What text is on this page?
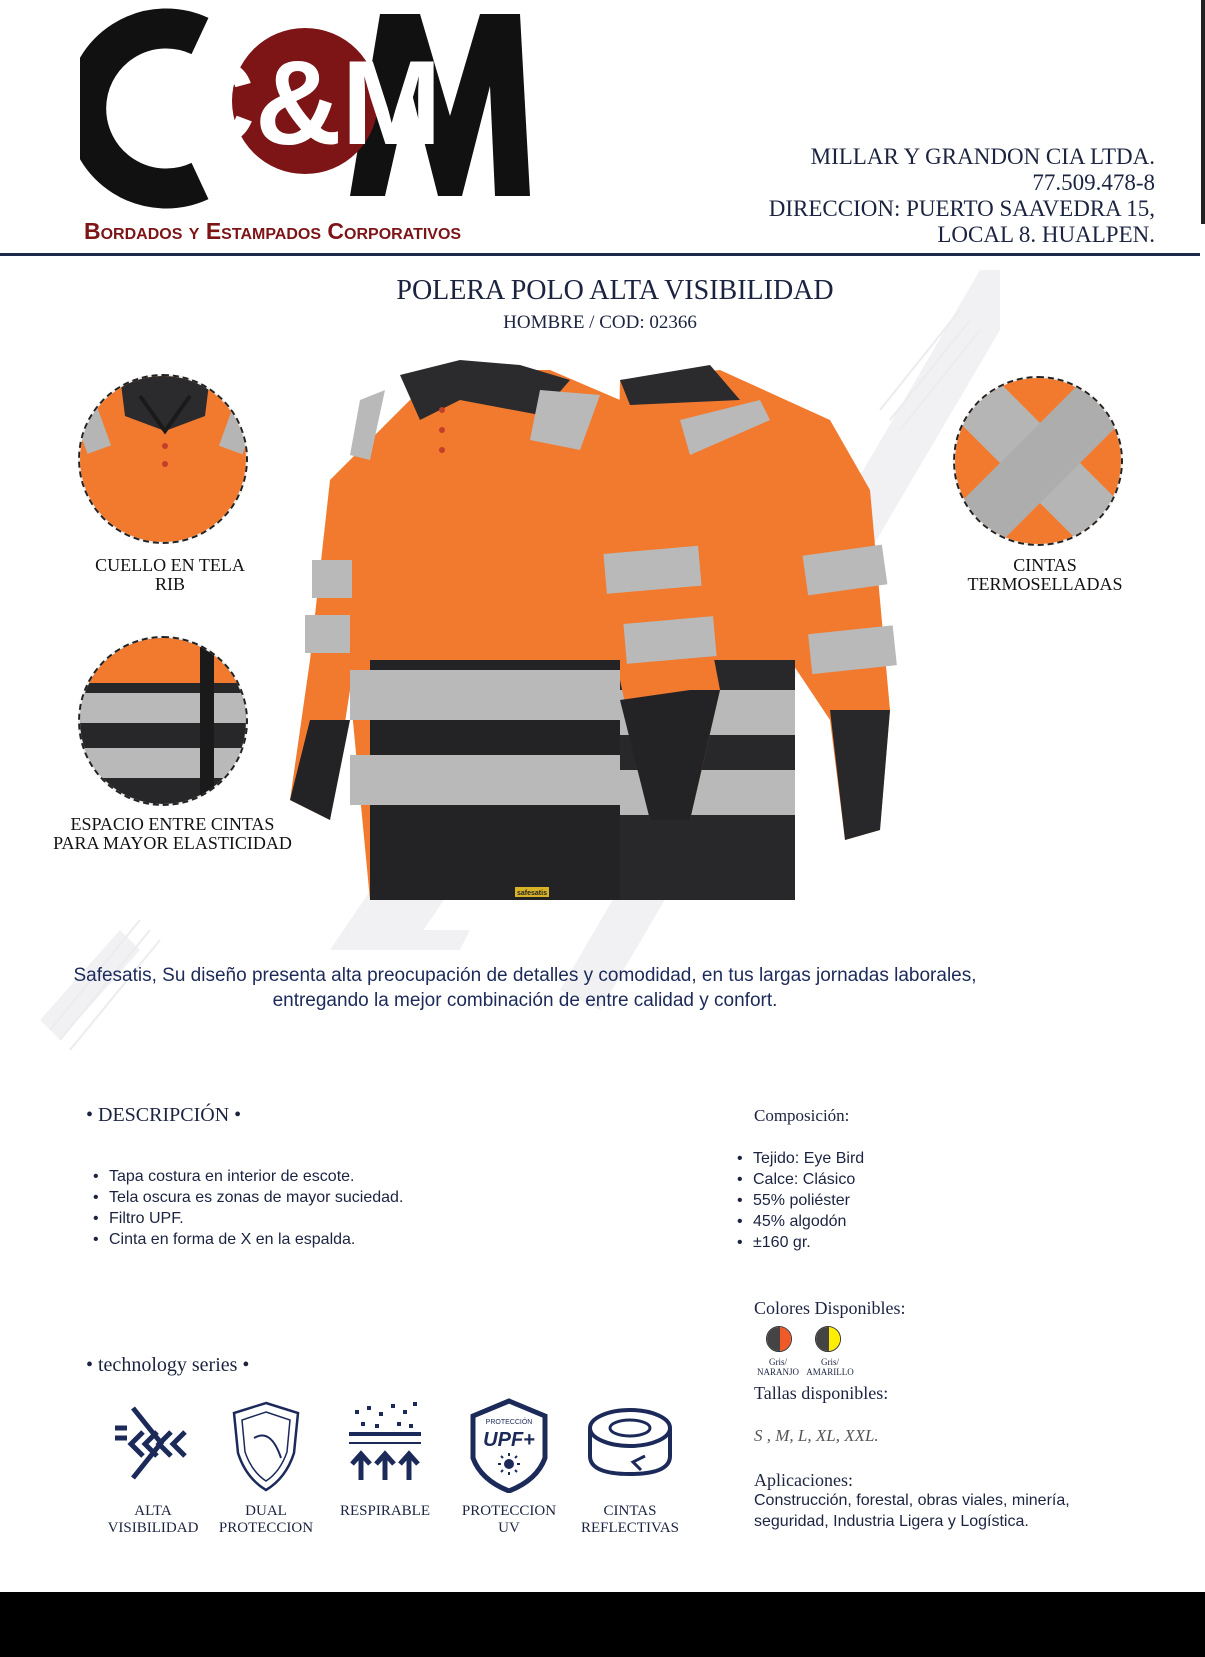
C&M
Bordados y Estampados Corporativos
MILLAR Y GRANDON CIA LTDA.
77.509.478-8
DIRECCION: PUERTO SAAVEDRA 15,
LOCAL 8. HUALPEN.
POLERA POLO ALTA VISIBILIDAD
HOMBRE / COD: 02366
CUELLO EN TELA
RIB
ESPACIO ENTRE CINTAS
PARA MAYOR ELASTICIDAD
CINTAS
TERMOSELLADAS
safesatis
Safesatis, Su diseño presenta alta preocupación de detalles y comodidad, en tus largas jornadas laborales,
entregando la mejor combinación de entre calidad y confort.
• DESCRIPCIÓN •
• Tapa costura en interior de escote.
• Tela oscura es zonas de mayor suciedad.
• Filtro UPF.
• Cinta en forma de X en la espalda.
Composición:
• Tejido: Eye Bird
• Calce: Clásico
• 55% poliéster
• 45% algodón
• ±160 gr.
Colores Disponibles:
Gris/
NARANJO
Gris/
AMARILLO
Tallas disponibles:
S , M, L, XL, XXL.
Aplicaciones:
Construcción, forestal, obras viales, minería, seguridad, Industria Ligera y Logística.
• technology series •
ALTA
VISIBILIDAD
DUAL
PROTECCION
RESPIRABLE
PROTECCIÓN
UPF+
PROTECCION
UV
CINTAS
REFLECTIVAS
